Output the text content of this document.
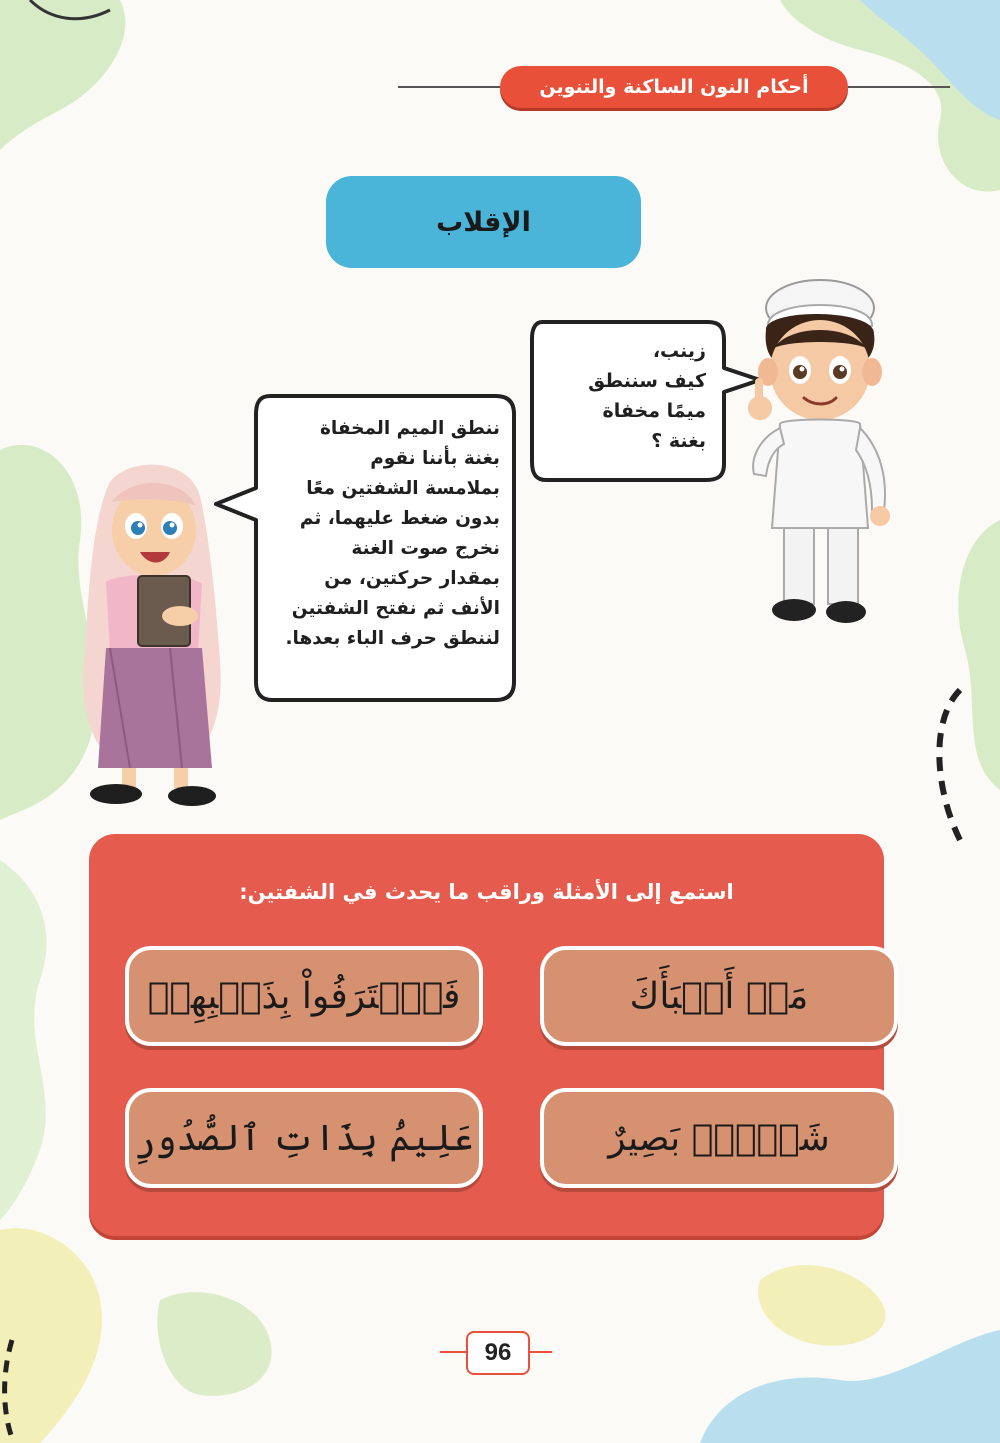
أحكام النون الساكنة والتنوين
الإقلاب
زينب،
كيف سننطق
ميمًا مخفاة
بغنة ؟
ننطق الميم المخفاة
بغنة بأننا نقوم
بملامسة الشفتين معًا
بدون ضغط عليهما، ثم
نخرج صوت الغنة
بمقدار حركتين، من
الأنف ثم نفتح الشفتين
لننطق حرف الباء بعدها.
استمع إلى الأمثلة وراقب ما يحدث في الشفتين:
مَنۢ أَنۢبَأَكَ
فَٱعۡتَرَفُواْ بِذَنۢبِهِمۡ
شَيۡءِۭ بَصِيرٌ
عَلِيمُۢ بِذَاتِ ٱلصُّدُورِ
96
